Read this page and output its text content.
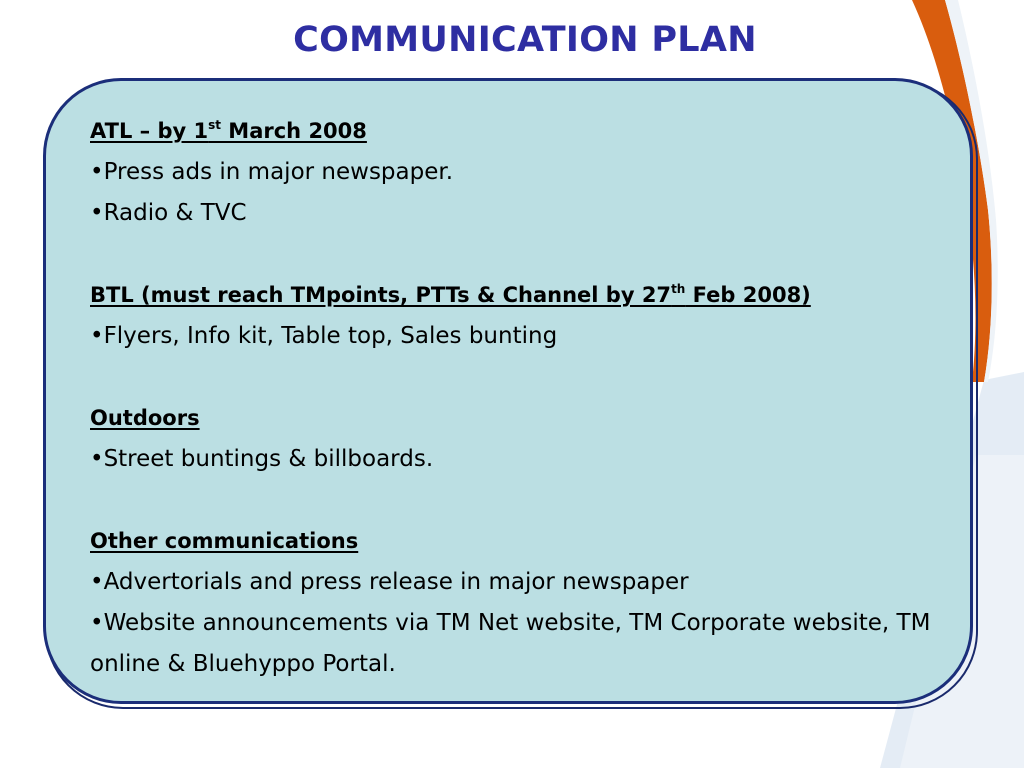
COMMUNICATION PLAN

ATL – by 1st March 2008

•Press ads in major newspaper.
•Radio & TVC

BTL (must reach TMpoints, PTTs & Channel by 27th Feb 2008)

•Flyers, Info kit, Table top, Sales bunting

Outdoors

•Street buntings & billboards.

Other communications

•Advertorials and press release in major newspaper
•Website announcements via TM Net website, TM Corporate website, TM online & Bluehyppo Portal.
